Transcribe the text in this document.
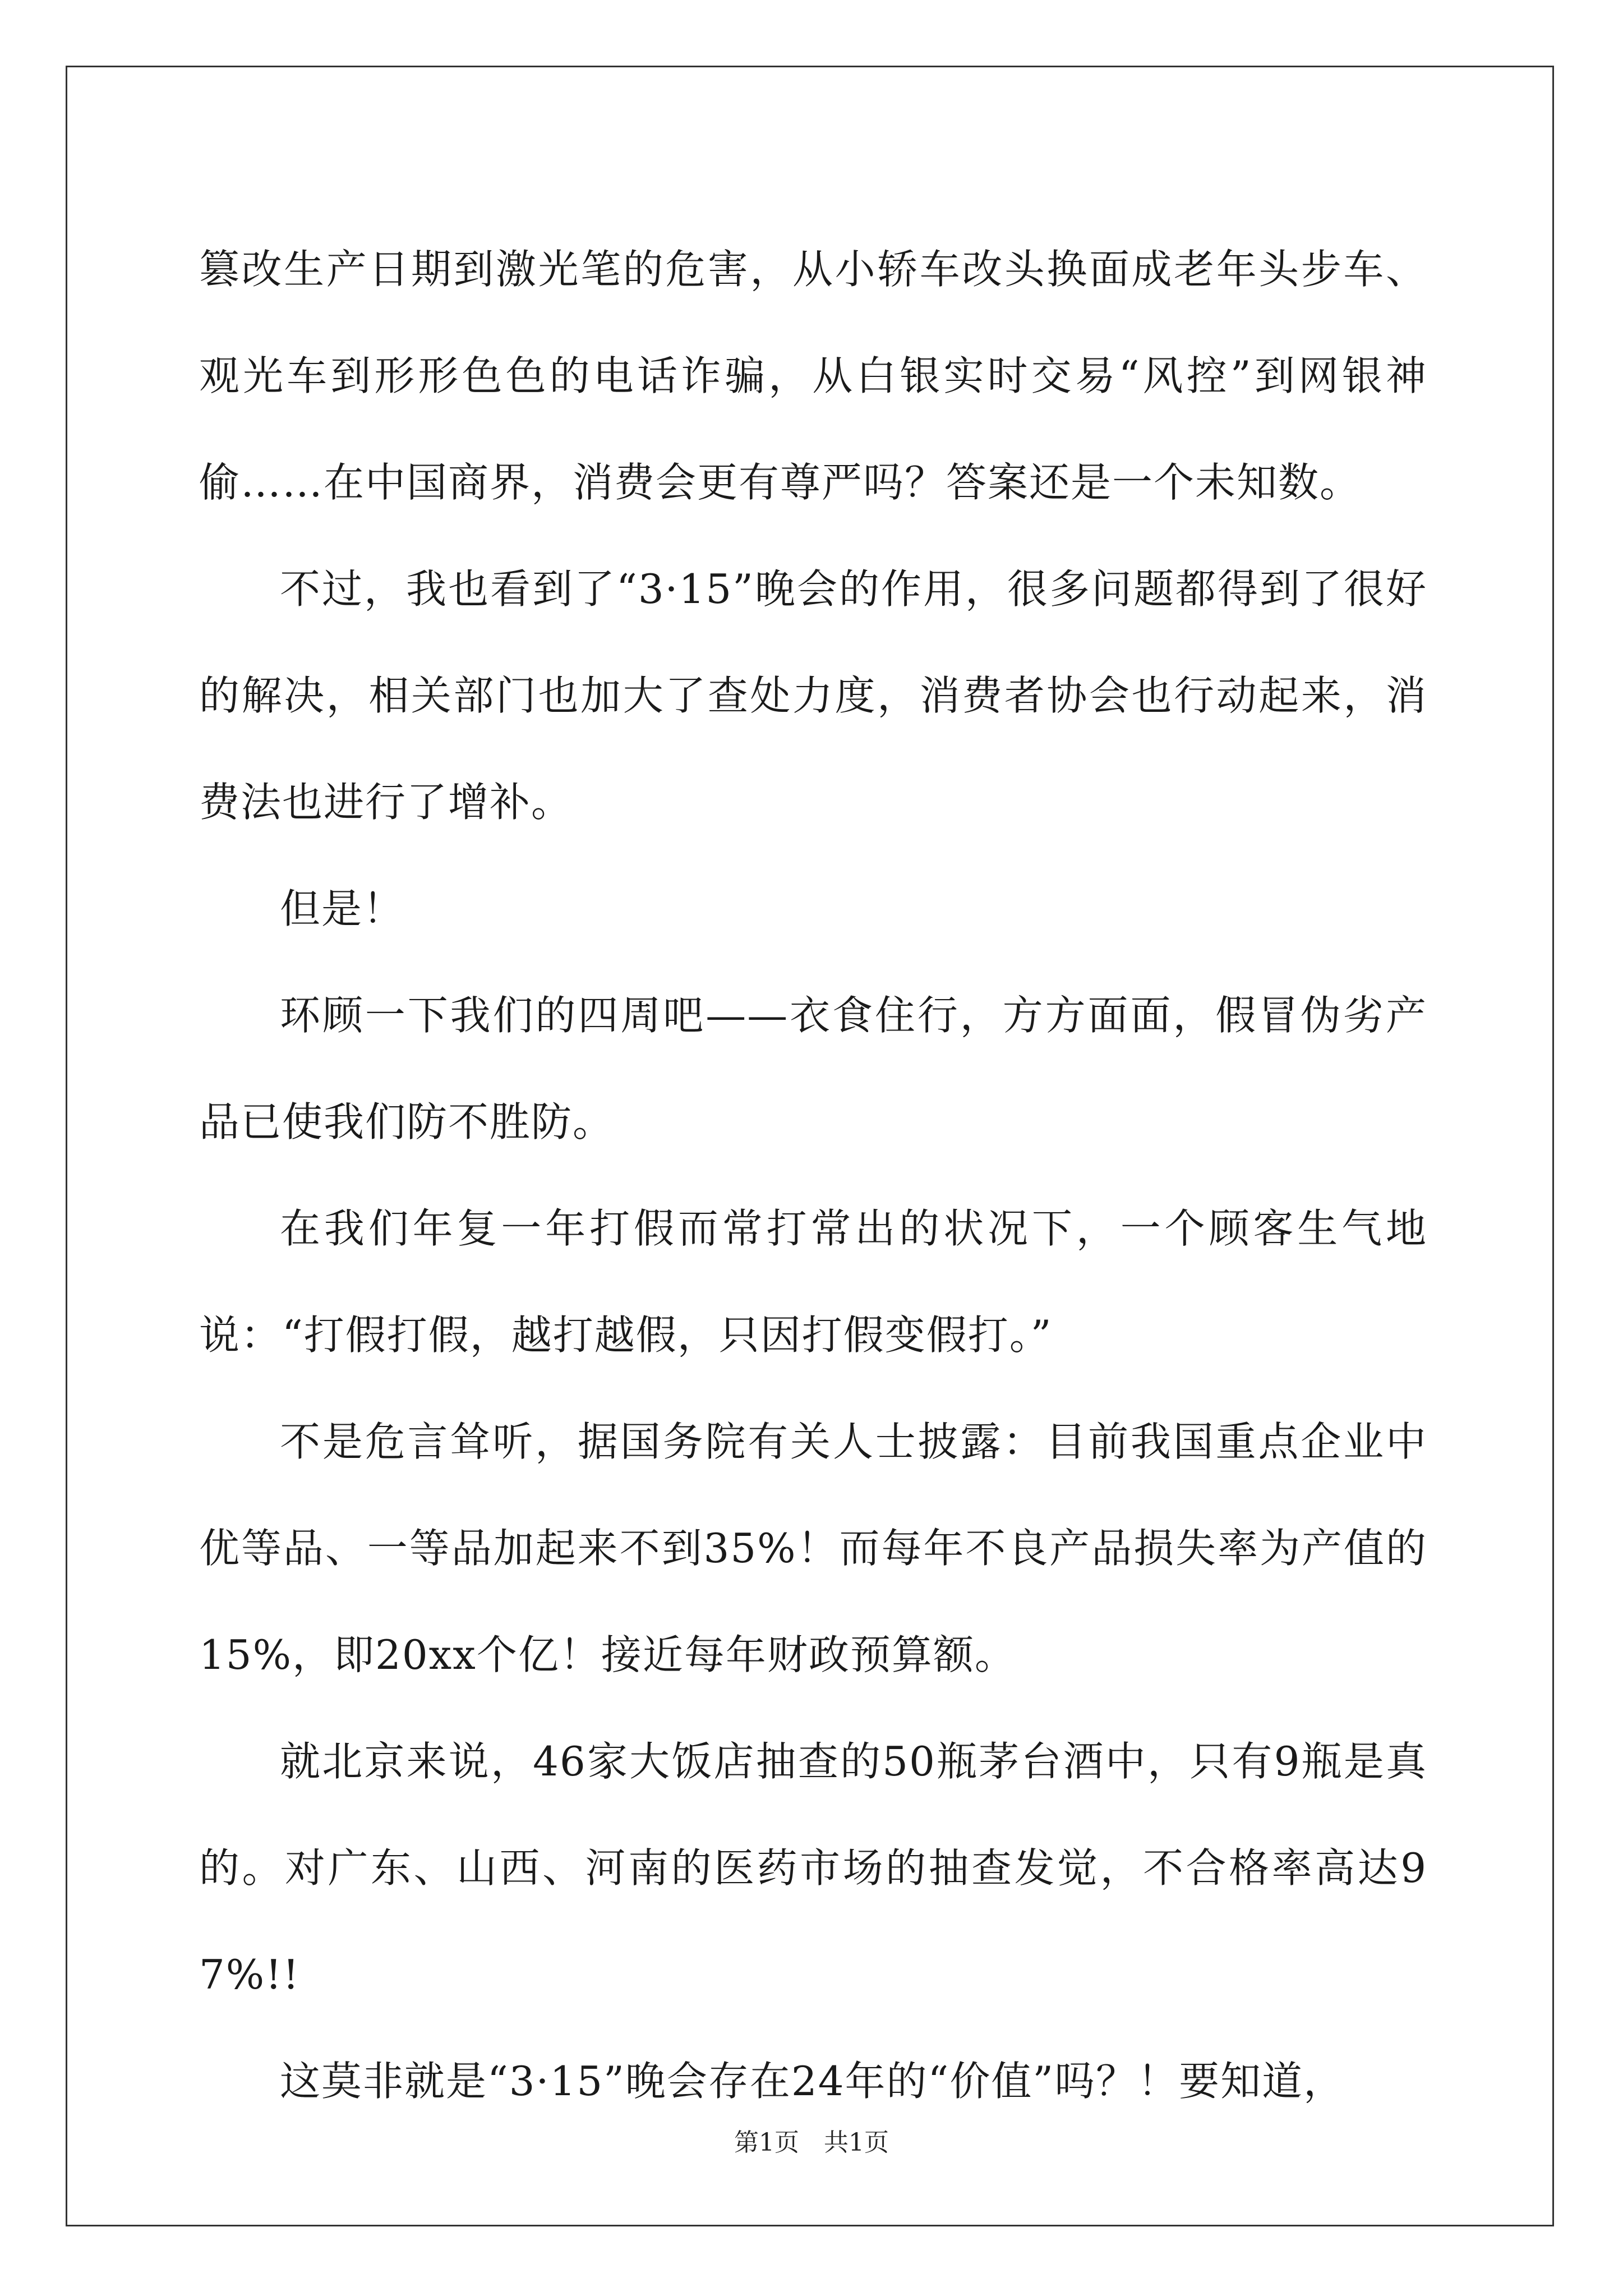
篡改生产日期到激光笔的危害，从小轿车改头换面成老年头步车、观光车到形形色色的电话诈骗，从白银实时交易“风控”到网银神偷……在中国商界，消费会更有尊严吗？答案还是一个未知数。

不过，我也看到了“3·15”晚会的作用，很多问题都得到了很好的解决，相关部门也加大了查处力度，消费者协会也行动起来，消费法也进行了增补。

但是！

环顾一下我们的四周吧——衣食住行，方方面面，假冒伪劣产品已使我们防不胜防。

在我们年复一年打假而常打常出的状况下，一个顾客生气地说：“打假打假，越打越假，只因打假变假打。”

不是危言耸听，据国务院有关人士披露：目前我国重点企业中优等品、一等品加起来不到35%！而每年不良产品损失率为产值的15%，即20xx个亿！接近每年财政预算额。

就北京来说，46家大饭店抽查的50瓶茅台酒中，只有9瓶是真的。对广东、山西、河南的医药市场的抽查发觉，不合格率高达97%!!

这莫非就是“3·15”晚会存在24年的“价值”吗？！要知道，

第1页　共1页
